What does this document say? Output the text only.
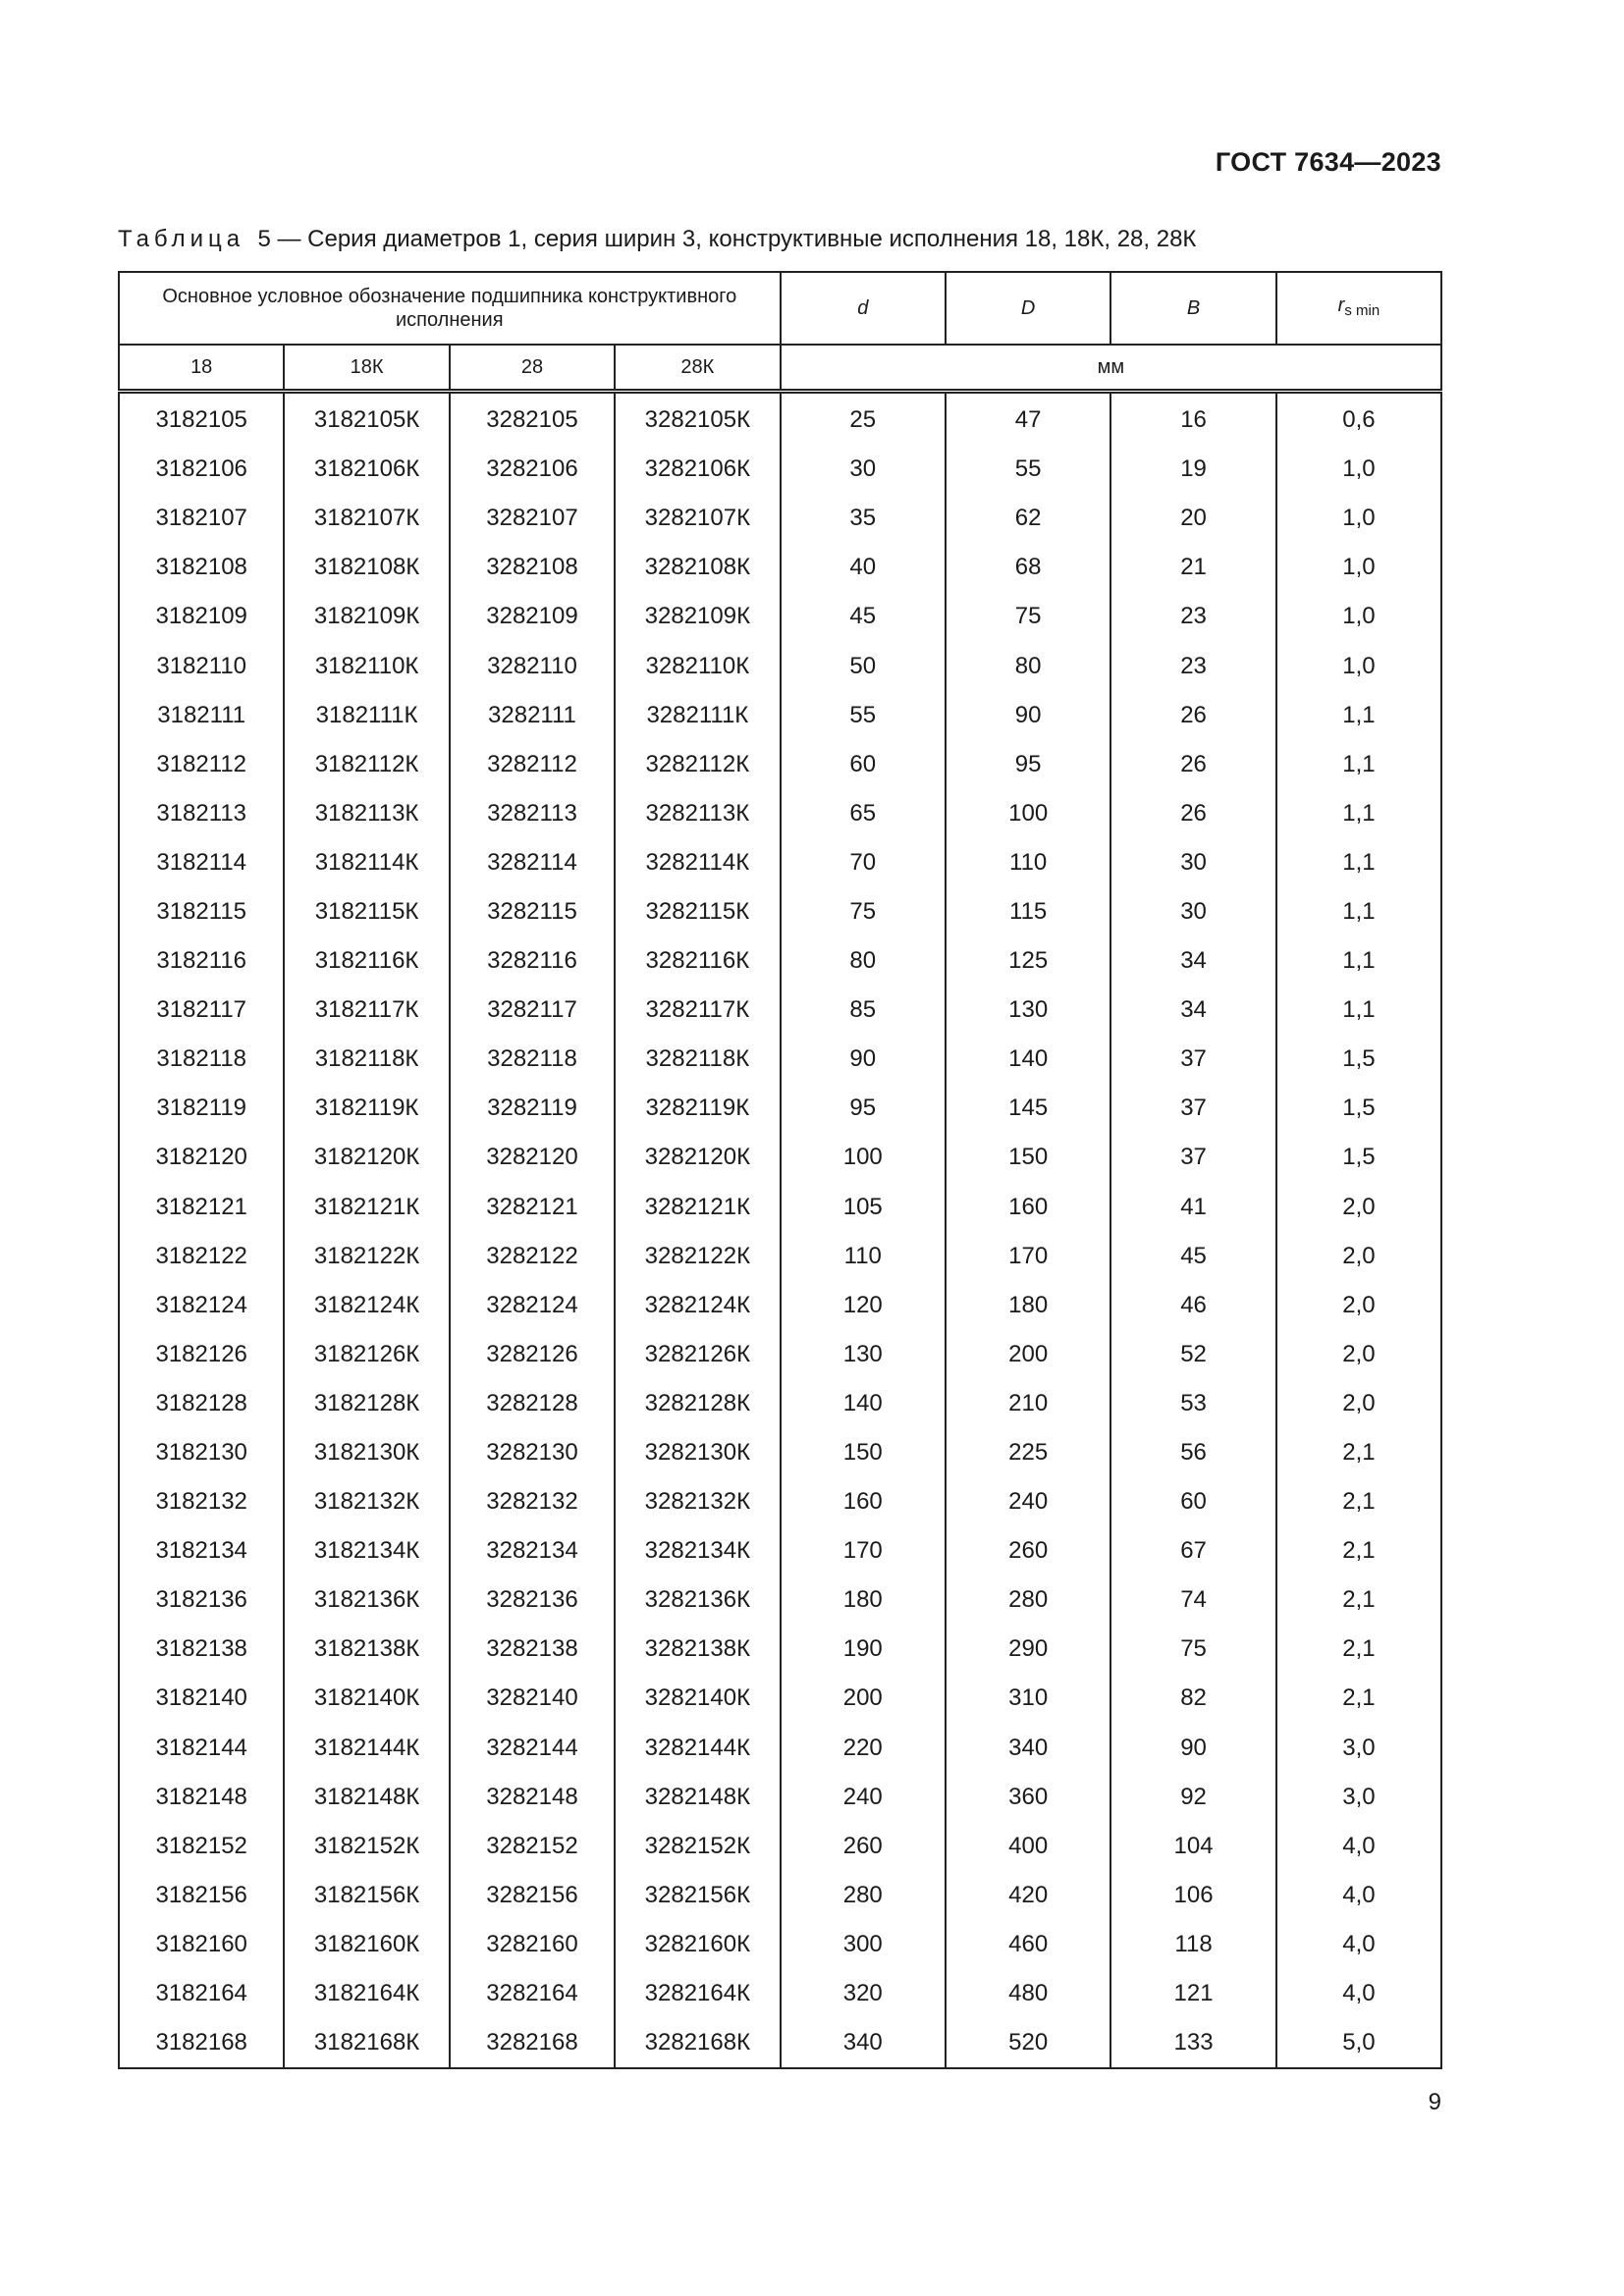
ГОСТ 7634—2023
Таблица 5 — Серия диаметров 1, серия ширин 3, конструктивные исполнения 18, 18К, 28, 28К
Основное условное обозначение подшипника конструктивного исполнения				d	D	B	$r_{s min}$
18	18К	28	28К	мм			
3182105	3182105К	3282105	3282105К	25	47	16	0,6
3182106	3182106К	3282106	3282106К	30	55	19	1,0
3182107	3182107К	3282107	3282107К	35	62	20	1,0
3182108	3182108К	3282108	3282108К	40	68	21	1,0
3182109	3182109К	3282109	3282109К	45	75	23	1,0
3182110	3182110К	3282110	3282110К	50	80	23	1,0
3182111	3182111К	3282111	3282111К	55	90	26	1,1
3182112	3182112К	3282112	3282112К	60	95	26	1,1
3182113	3182113К	3282113	3282113К	65	100	26	1,1
3182114	3182114К	3282114	3282114К	70	110	30	1,1
3182115	3182115К	3282115	3282115К	75	115	30	1,1
3182116	3182116К	3282116	3282116К	80	125	34	1,1
3182117	3182117К	3282117	3282117К	85	130	34	1,1
3182118	3182118К	3282118	3282118К	90	140	37	1,5
3182119	3182119К	3282119	3282119К	95	145	37	1,5
3182120	3182120К	3282120	3282120К	100	150	37	1,5
3182121	3182121К	3282121	3282121К	105	160	41	2,0
3182122	3182122К	3282122	3282122К	110	170	45	2,0
3182124	3182124К	3282124	3282124К	120	180	46	2,0
3182126	3182126К	3282126	3282126К	130	200	52	2,0
3182128	3182128К	3282128	3282128К	140	210	53	2,0
3182130	3182130К	3282130	3282130К	150	225	56	2,1
3182132	3182132К	3282132	3282132К	160	240	60	2,1
3182134	3182134К	3282134	3282134К	170	260	67	2,1
3182136	3182136К	3282136	3282136К	180	280	74	2,1
3182138	3182138К	3282138	3282138К	190	290	75	2,1
3182140	3182140К	3282140	3282140К	200	310	82	2,1
3182144	3182144К	3282144	3282144К	220	340	90	3,0
3182148	3182148К	3282148	3282148К	240	360	92	3,0
3182152	3182152К	3282152	3282152К	260	400	104	4,0
3182156	3182156К	3282156	3282156К	280	420	106	4,0
3182160	3182160К	3282160	3282160К	300	460	118	4,0
3182164	3182164К	3282164	3282164К	320	480	121	4,0
3182168	3182168К	3282168	3282168К	340	520	133	5,0
9
